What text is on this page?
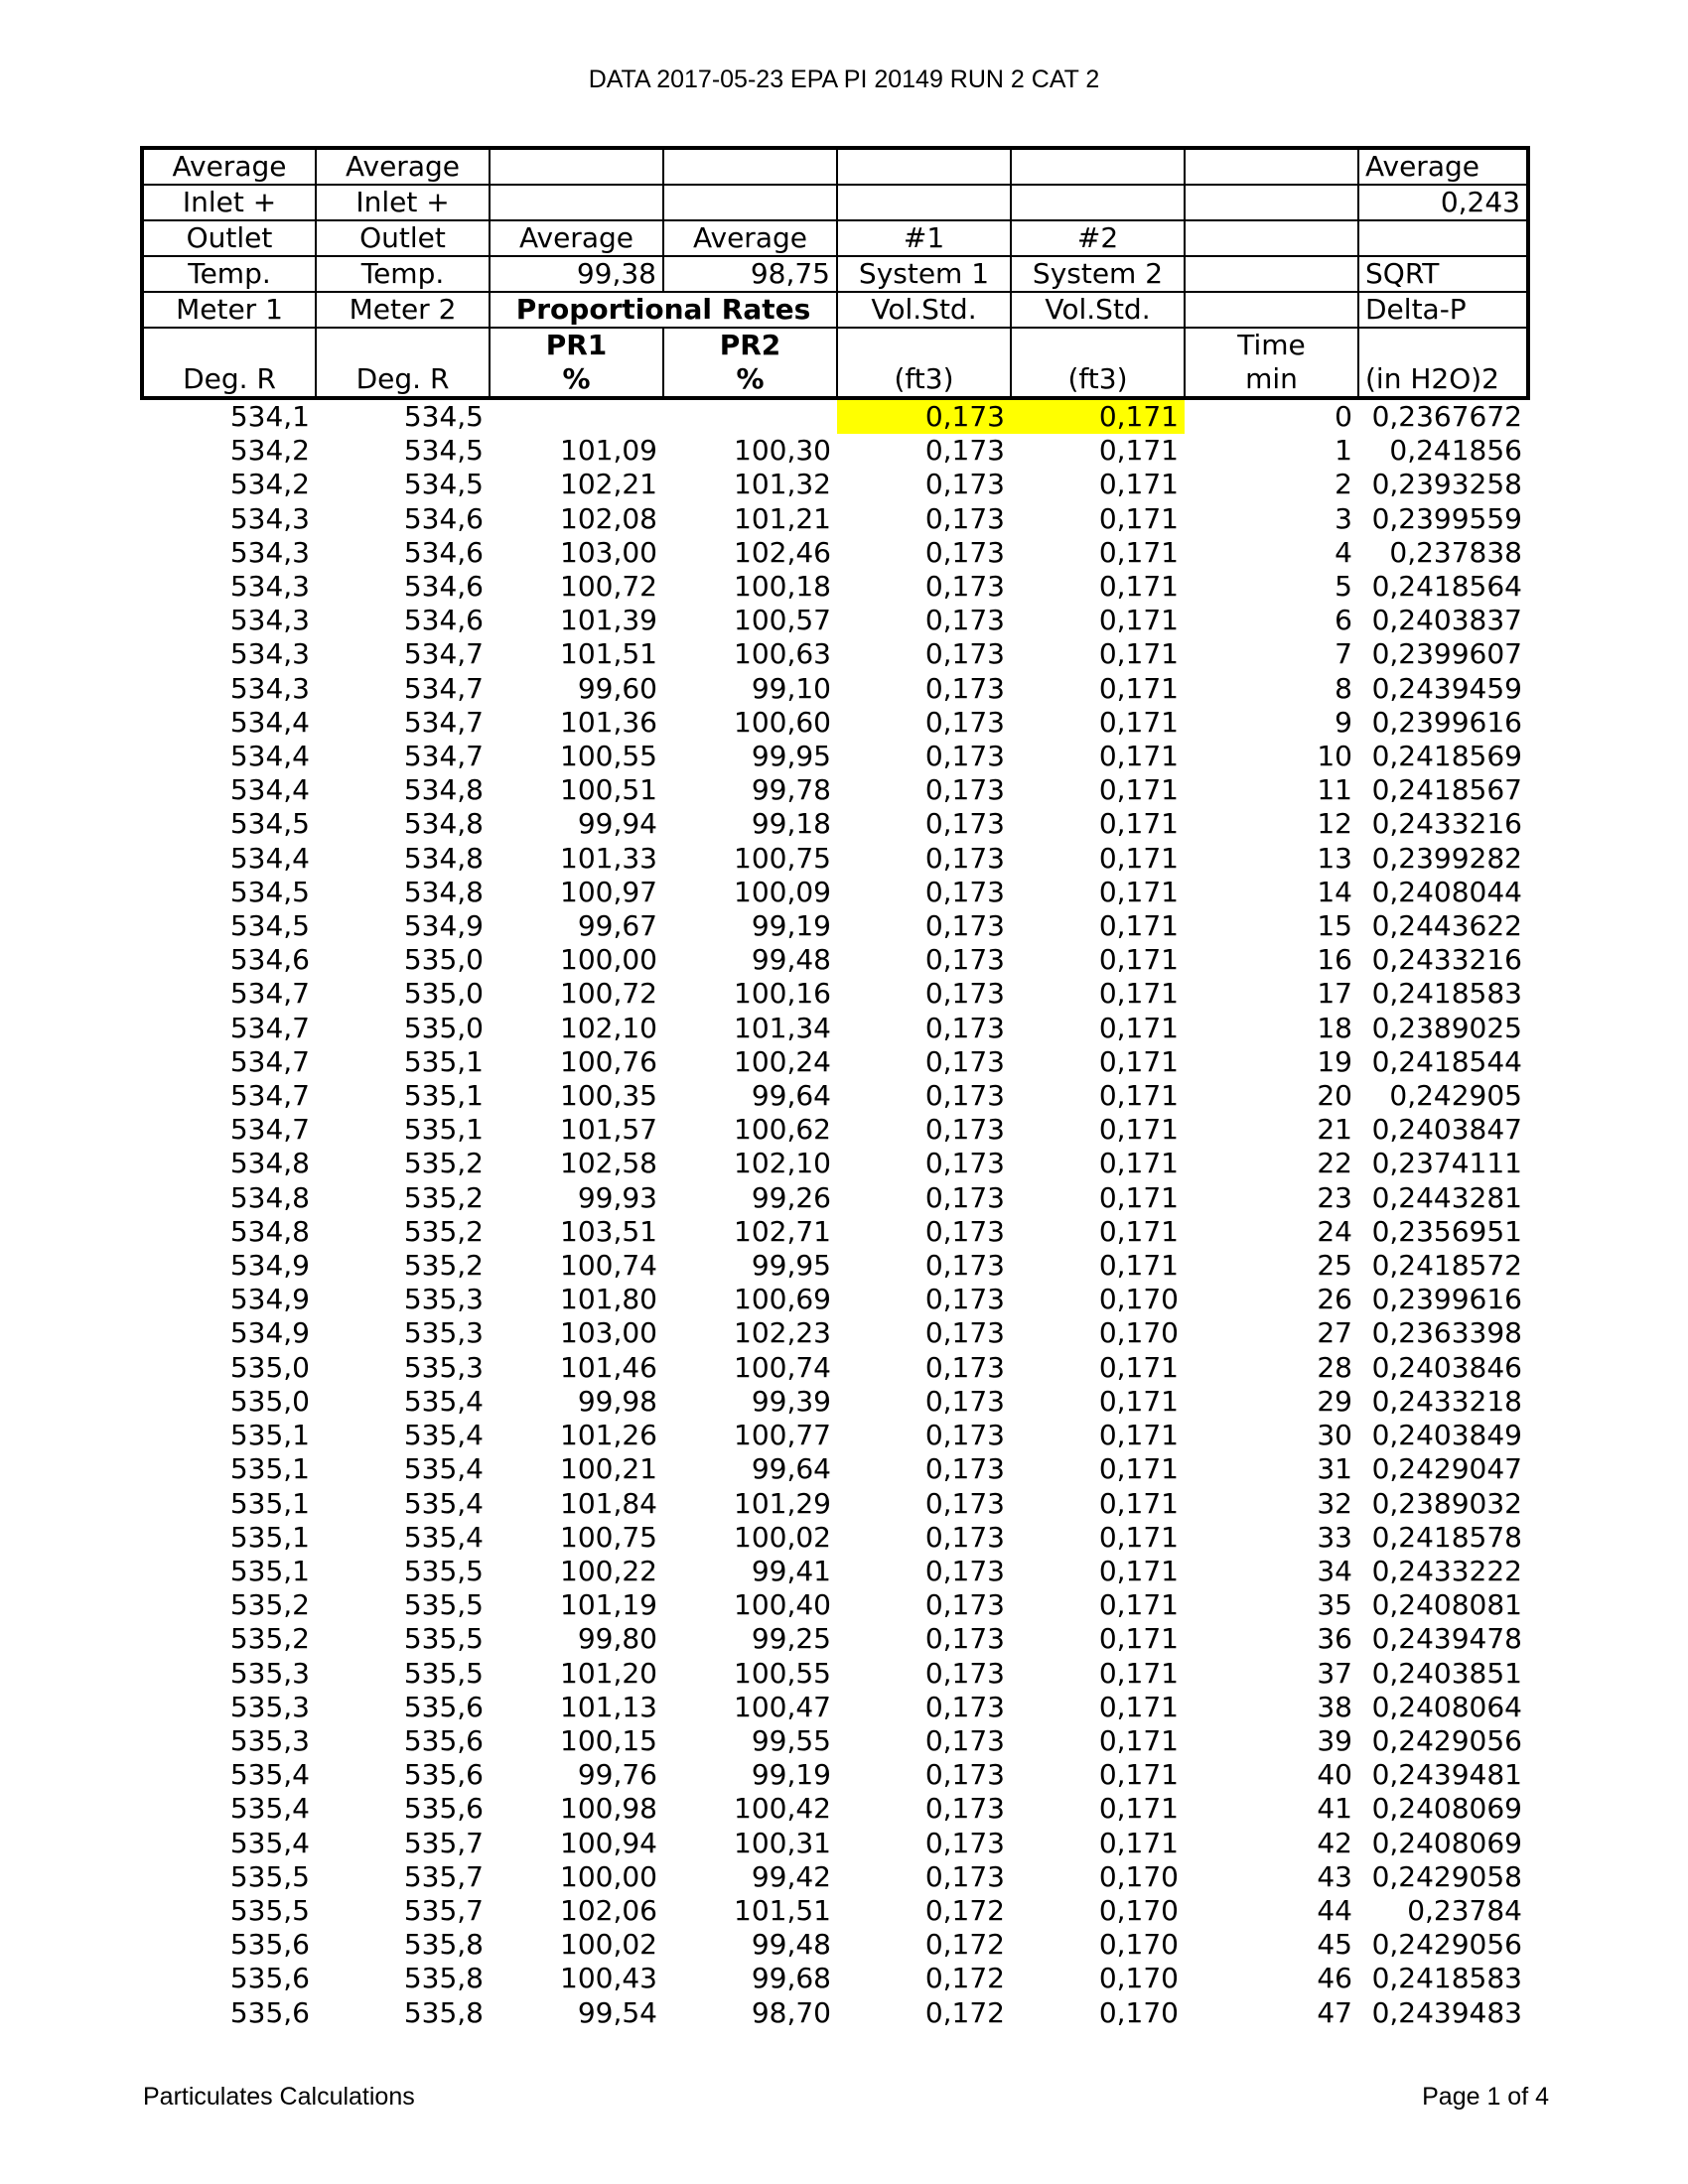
DATA 2017-05-23 EPA PI 20149 RUN 2 CAT 2
Average	Average						Average
Inlet +	Inlet +						0,243
Outlet	Outlet	Average	Average	#1	#2		
Temp.	Temp.	99,38	98,75	System 1	System 2		SQRT
Meter 1	Meter 2	Proportional Rates		Vol.Std.	Vol.Std.		Delta-P
		PR1	PR2			Time	
Deg. R	Deg. R	%	%	(ft3)	(ft3)	min	(in H2O)2
534,1	534,5			0,173	0,171	0	0,2367672
534,2	534,5	101,09	100,30	0,173	0,171	1	0,241856
534,2	534,5	102,21	101,32	0,173	0,171	2	0,2393258
534,3	534,6	102,08	101,21	0,173	0,171	3	0,2399559
534,3	534,6	103,00	102,46	0,173	0,171	4	0,237838
534,3	534,6	100,72	100,18	0,173	0,171	5	0,2418564
534,3	534,6	101,39	100,57	0,173	0,171	6	0,2403837
534,3	534,7	101,51	100,63	0,173	0,171	7	0,2399607
534,3	534,7	99,60	99,10	0,173	0,171	8	0,2439459
534,4	534,7	101,36	100,60	0,173	0,171	9	0,2399616
534,4	534,7	100,55	99,95	0,173	0,171	10	0,2418569
534,4	534,8	100,51	99,78	0,173	0,171	11	0,2418567
534,5	534,8	99,94	99,18	0,173	0,171	12	0,2433216
534,4	534,8	101,33	100,75	0,173	0,171	13	0,2399282
534,5	534,8	100,97	100,09	0,173	0,171	14	0,2408044
534,5	534,9	99,67	99,19	0,173	0,171	15	0,2443622
534,6	535,0	100,00	99,48	0,173	0,171	16	0,2433216
534,7	535,0	100,72	100,16	0,173	0,171	17	0,2418583
534,7	535,0	102,10	101,34	0,173	0,171	18	0,2389025
534,7	535,1	100,76	100,24	0,173	0,171	19	0,2418544
534,7	535,1	100,35	99,64	0,173	0,171	20	0,242905
534,7	535,1	101,57	100,62	0,173	0,171	21	0,2403847
534,8	535,2	102,58	102,10	0,173	0,171	22	0,2374111
534,8	535,2	99,93	99,26	0,173	0,171	23	0,2443281
534,8	535,2	103,51	102,71	0,173	0,171	24	0,2356951
534,9	535,2	100,74	99,95	0,173	0,171	25	0,2418572
534,9	535,3	101,80	100,69	0,173	0,170	26	0,2399616
534,9	535,3	103,00	102,23	0,173	0,170	27	0,2363398
535,0	535,3	101,46	100,74	0,173	0,171	28	0,2403846
535,0	535,4	99,98	99,39	0,173	0,171	29	0,2433218
535,1	535,4	101,26	100,77	0,173	0,171	30	0,2403849
535,1	535,4	100,21	99,64	0,173	0,171	31	0,2429047
535,1	535,4	101,84	101,29	0,173	0,171	32	0,2389032
535,1	535,4	100,75	100,02	0,173	0,171	33	0,2418578
535,1	535,5	100,22	99,41	0,173	0,171	34	0,2433222
535,2	535,5	101,19	100,40	0,173	0,171	35	0,2408081
535,2	535,5	99,80	99,25	0,173	0,171	36	0,2439478
535,3	535,5	101,20	100,55	0,173	0,171	37	0,2403851
535,3	535,6	101,13	100,47	0,173	0,171	38	0,2408064
535,3	535,6	100,15	99,55	0,173	0,171	39	0,2429056
535,4	535,6	99,76	99,19	0,173	0,171	40	0,2439481
535,4	535,6	100,98	100,42	0,173	0,171	41	0,2408069
535,4	535,7	100,94	100,31	0,173	0,171	42	0,2408069
535,5	535,7	100,00	99,42	0,173	0,170	43	0,2429058
535,5	535,7	102,06	101,51	0,172	0,170	44	0,23784
535,6	535,8	100,02	99,48	0,172	0,170	45	0,2429056
535,6	535,8	100,43	99,68	0,172	0,170	46	0,2418583
535,6	535,8	99,54	98,70	0,172	0,170	47	0,2439483
Particulates Calculations	Page 1 of 4
